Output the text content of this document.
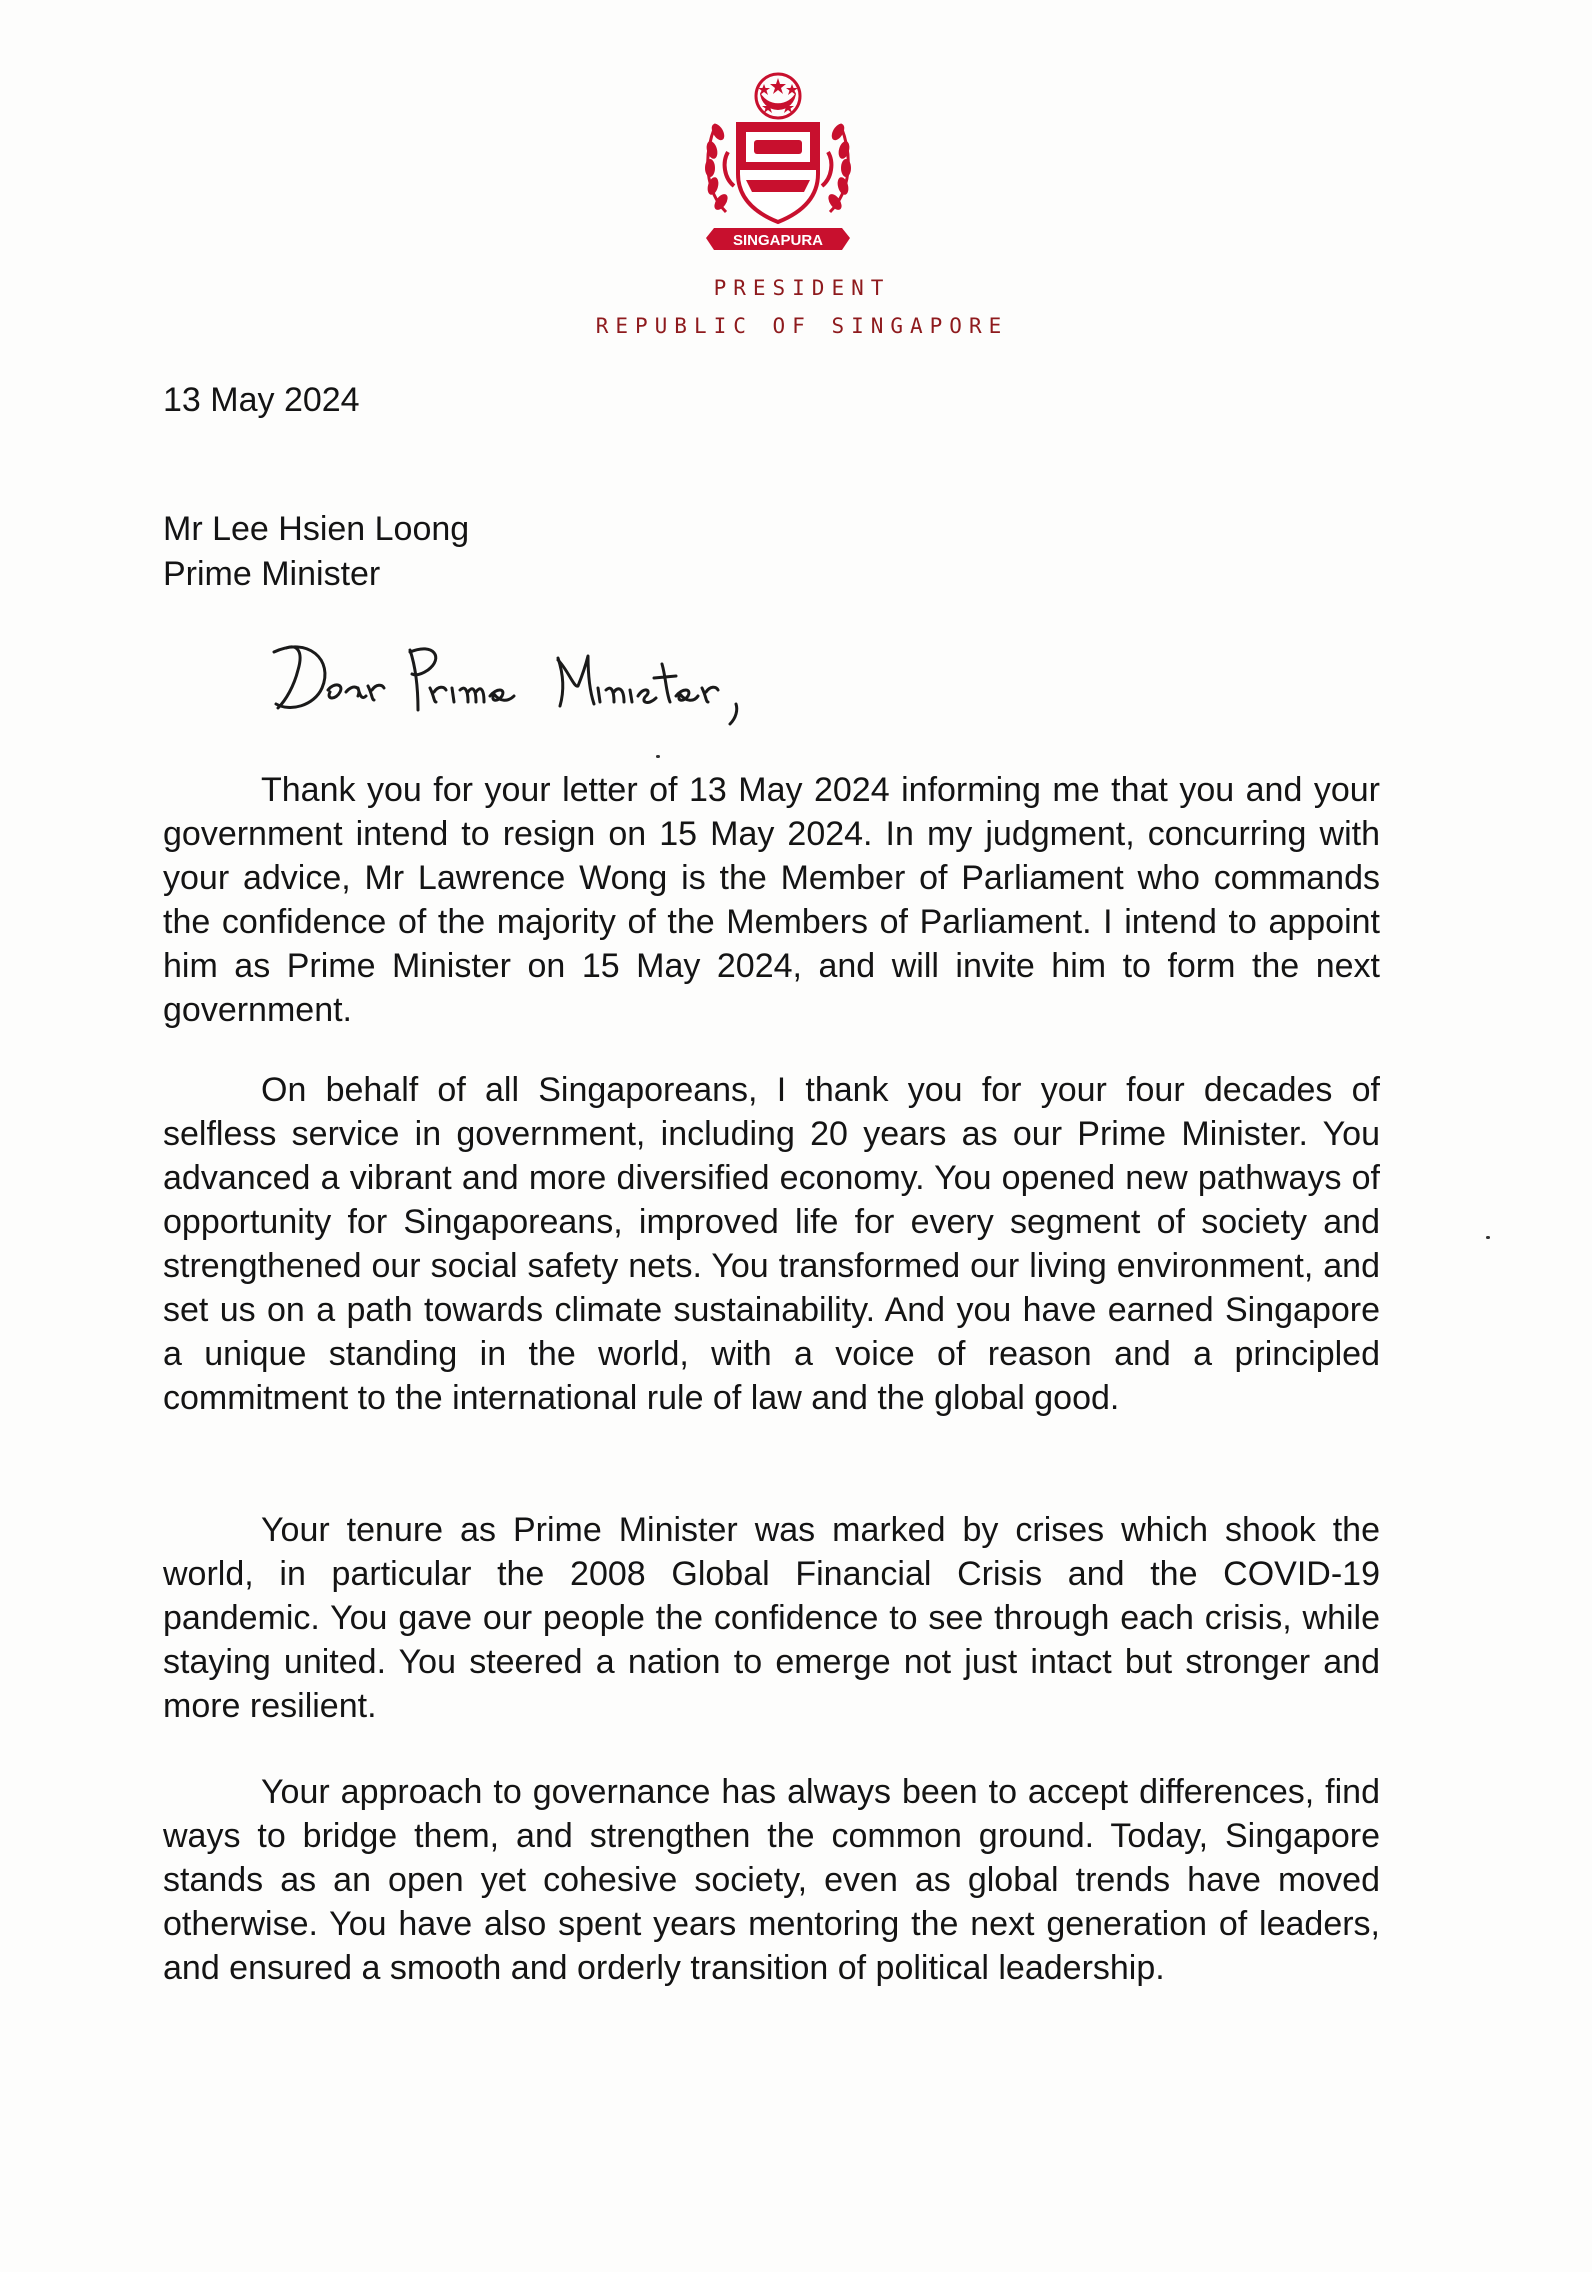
SINGAPURA
PRESIDENT
REPUBLIC OF SINGAPORE
13 May 2024
Mr Lee Hsien Loong
Prime Minister

Thank you for your letter of 13 May 2024 informing me that you and your government intend to resign on 15 May 2024. In my judgment, concurring with your advice, Mr Lawrence Wong is the Member of Parliament who commands the confidence of the majority of the Members of Parliament. I intend to appoint him as Prime Minister on 15 May 2024, and will invite him to form the next government.

On behalf of all Singaporeans, I thank you for your four decades of selfless service in government, including 20 years as our Prime Minister. You advanced a vibrant and more diversified economy. You opened new pathways of opportunity for Singaporeans, improved life for every segment of society and strengthened our social safety nets. You transformed our living environment, and set us on a path towards climate sustainability. And you have earned Singapore a unique standing in the world, with a voice of reason and a principled commitment to the international rule of law and the global good.

Your tenure as Prime Minister was marked by crises which shook the world, in particular the 2008 Global Financial Crisis and the COVID-19 pandemic. You gave our people the confidence to see through each crisis, while staying united. You steered a nation to emerge not just intact but stronger and more resilient.

Your approach to governance has always been to accept differences, find ways to bridge them, and strengthen the common ground. Today, Singapore stands as an open yet cohesive society, even as global trends have moved otherwise. You have also spent years mentoring the next generation of leaders, and ensured a smooth and orderly transition of political leadership.
